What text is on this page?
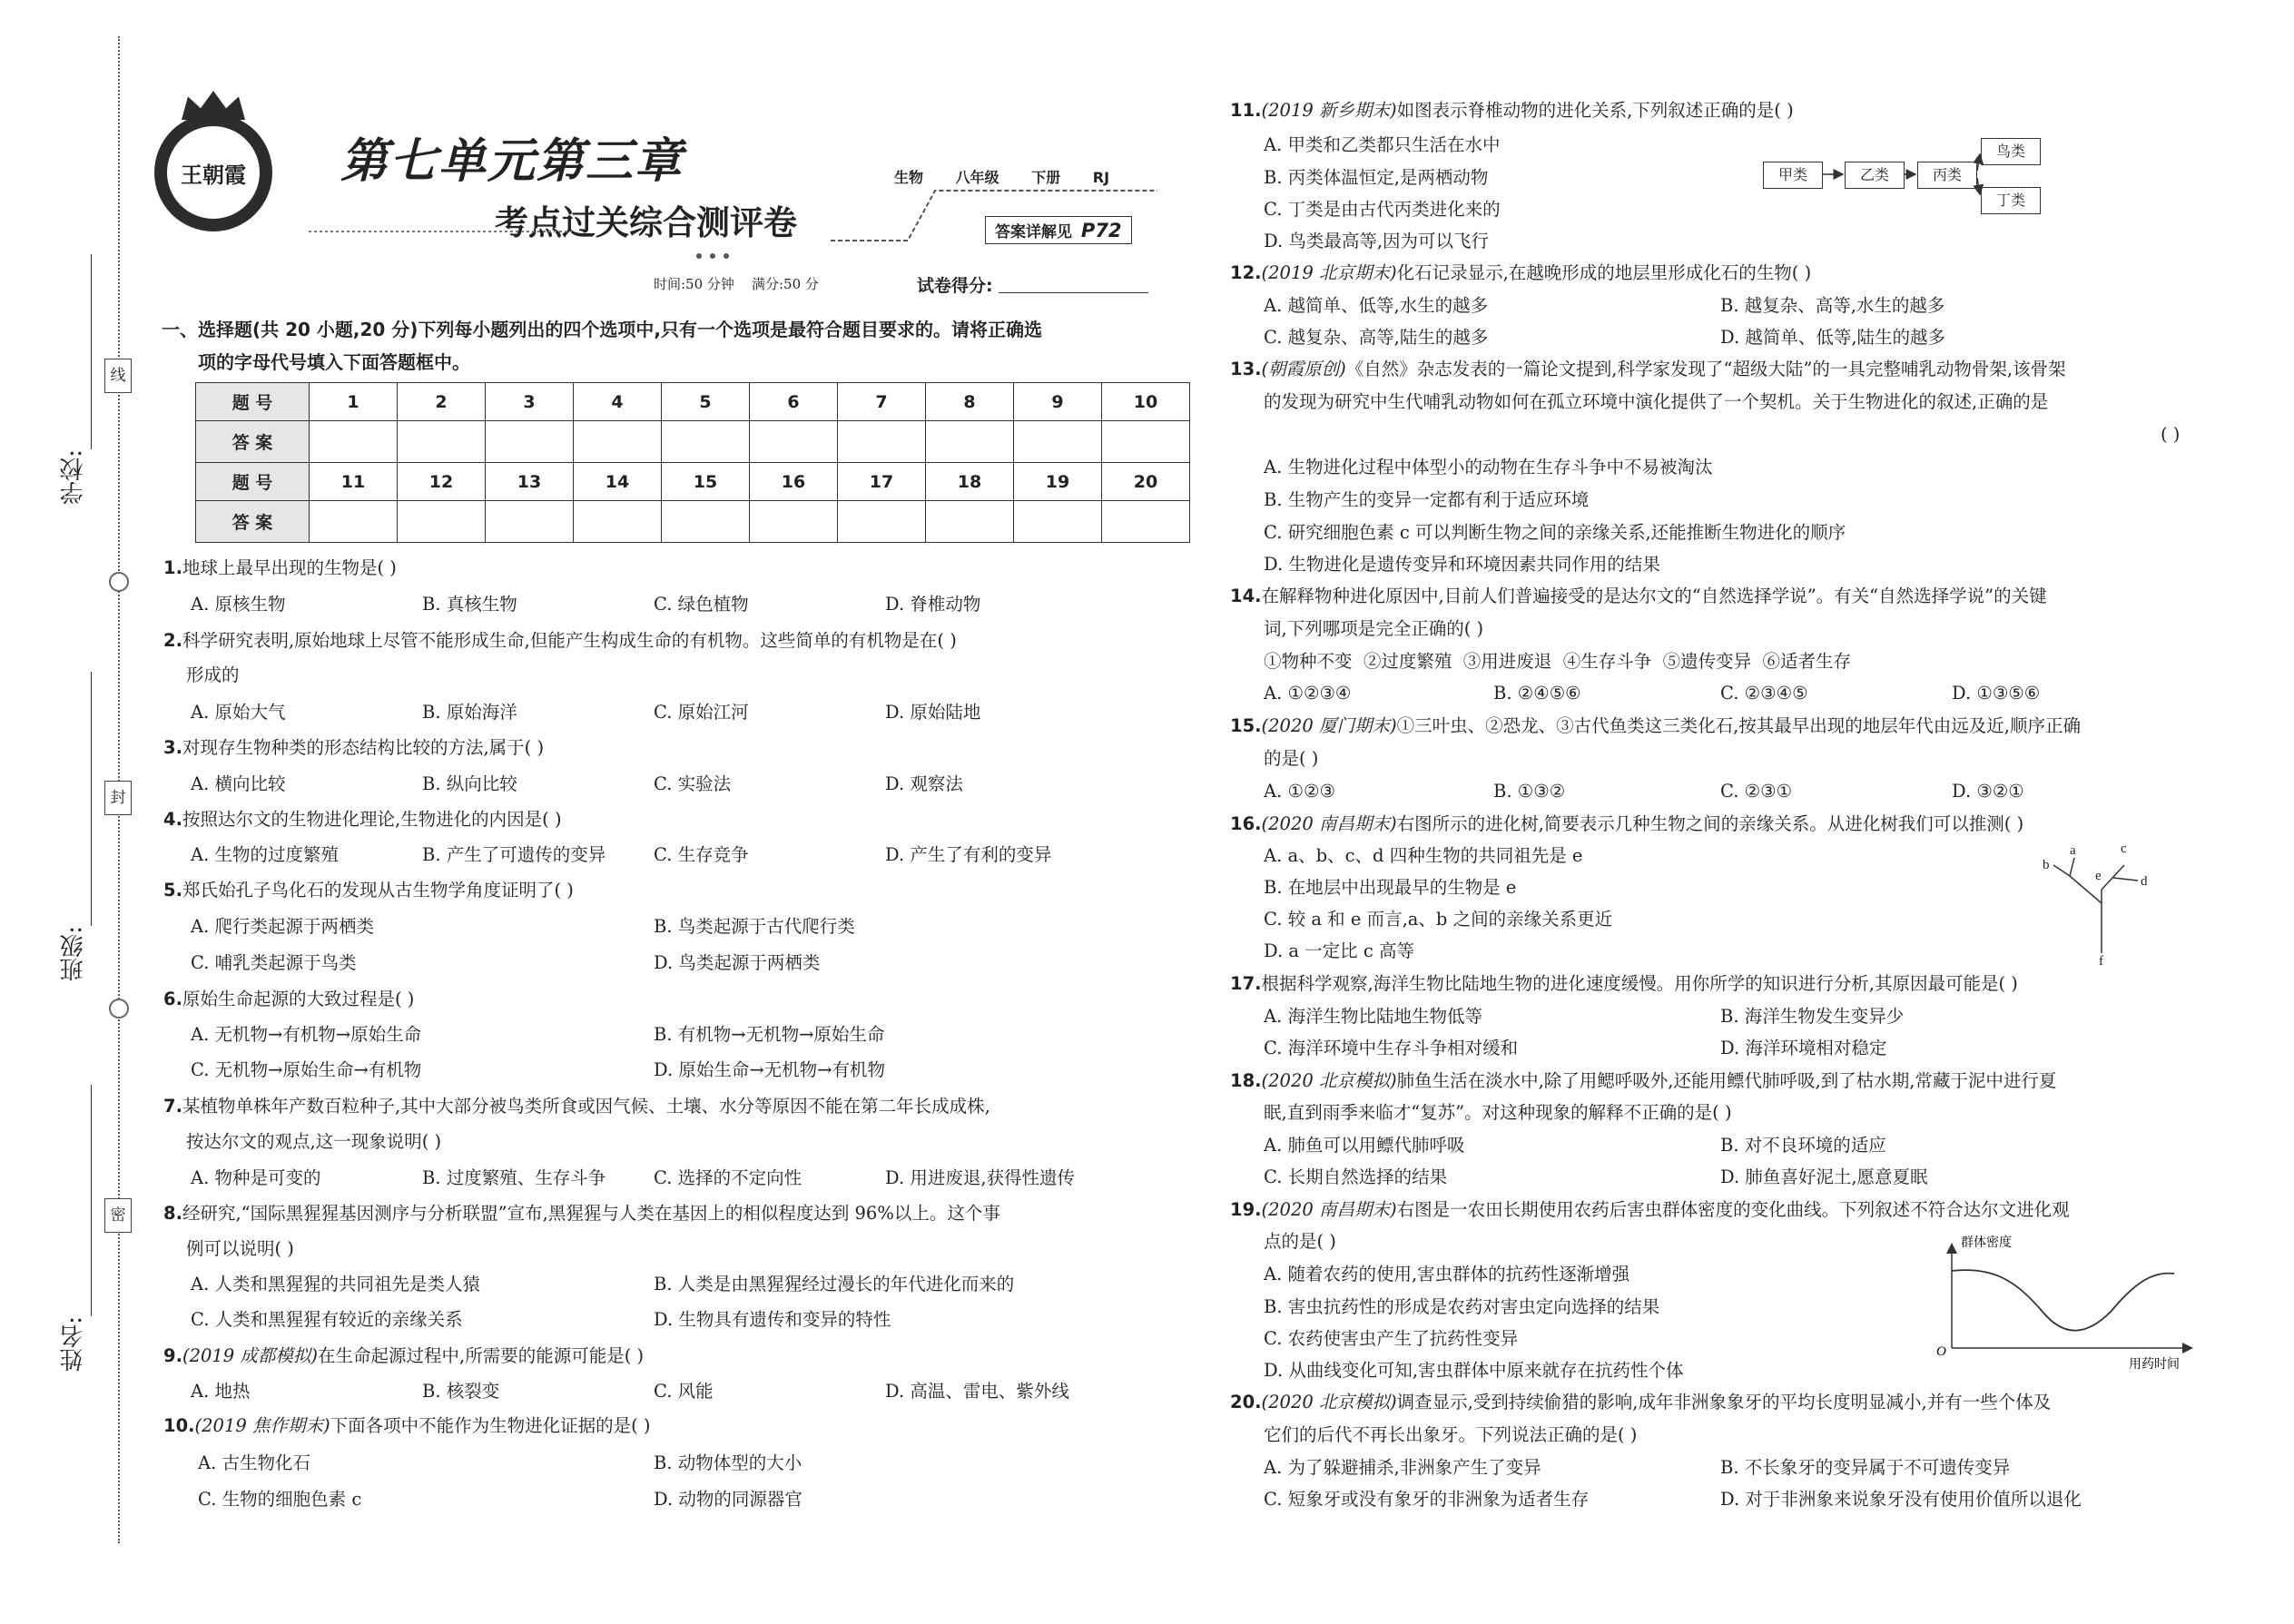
学校:
班级:
姓名:
线
封
密
王朝霞	第七单元第三章
考点过关综合测评卷
生物 八年级 下册 RJ
答案详解见 P72
时间:50 分钟    满分:50 分	试卷得分:
一、选择题(共 20 小题,20 分)下列每小题列出的四个选项中,只有一个选项是最符合题目要求的。请将正确选
项的字母代号填入下面答题框中。
题 号	1	2	3	4	5	6	7	8	9	10
答 案										
题 号	11	12	13	14	15	16	17	18	19	20
答 案										
1.地球上最早出现的生物是( )
A. 原核生物	B. 真核生物	C. 绿色植物	D. 脊椎动物
2.科学研究表明,原始地球上尽管不能形成生命,但能产生构成生命的有机物。这些简单的有机物是在( )
形成的
A. 原始大气	B. 原始海洋	C. 原始江河	D. 原始陆地
3.对现存生物种类的形态结构比较的方法,属于( )
A. 横向比较	B. 纵向比较	C. 实验法	D. 观察法
4.按照达尔文的生物进化理论,生物进化的内因是( )
A. 生物的过度繁殖	B. 产生了可遗传的变异	C. 生存竞争	D. 产生了有利的变异
5.郑氏始孔子鸟化石的发现从古生物学角度证明了( )
A. 爬行类起源于两栖类	B. 鸟类起源于古代爬行类
C. 哺乳类起源于鸟类	D. 鸟类起源于两栖类
6.原始生命起源的大致过程是( )
A. 无机物→有机物→原始生命	B. 有机物→无机物→原始生命
C. 无机物→原始生命→有机物	D. 原始生命→无机物→有机物
7.某植物单株年产数百粒种子,其中大部分被鸟类所食或因气候、土壤、水分等原因不能在第二年长成成株,
按达尔文的观点,这一现象说明( )
A. 物种是可变的	B. 过度繁殖、生存斗争	C. 选择的不定向性	D. 用进废退,获得性遗传
8.经研究,“国际黑猩猩基因测序与分析联盟”宣布,黑猩猩与人类在基因上的相似程度达到 96%以上。这个事
例可以说明( )
A. 人类和黑猩猩的共同祖先是类人猿	B. 人类是由黑猩猩经过漫长的年代进化而来的
C. 人类和黑猩猩有较近的亲缘关系	D. 生物具有遗传和变异的特性
9.(2019 成都模拟)在生命起源过程中,所需要的能源可能是( )
A. 地热	B. 核裂变	C. 风能	D. 高温、雷电、紫外线
10.(2019 焦作期末)下面各项中不能作为生物进化证据的是( )
A. 古生物化石	B. 动物体型的大小
C. 生物的细胞色素 c	D. 动物的同源器官
11.(2019 新乡期末)如图表示脊椎动物的进化关系,下列叙述正确的是( )
A. 甲类和乙类都只生活在水中
B. 丙类体温恒定,是两栖动物
C. 丁类是由古代丙类进化来的
D. 鸟类最高等,因为可以飞行
甲类	乙类	丙类
鸟类
丁类
12.(2019 北京期末)化石记录显示,在越晚形成的地层里形成化石的生物( )
A. 越简单、低等,水生的越多	B. 越复杂、高等,水生的越多
C. 越复杂、高等,陆生的越多	D. 越简单、低等,陆生的越多
13.(朝霞原创)《自然》杂志发表的一篇论文提到,科学家发现了“超级大陆”的一具完整哺乳动物骨架,该骨架
的发现为研究中生代哺乳动物如何在孤立环境中演化提供了一个契机。关于生物进化的叙述,正确的是
( )
A. 生物进化过程中体型小的动物在生存斗争中不易被淘汰
B. 生物产生的变异一定都有利于适应环境
C. 研究细胞色素 c 可以判断生物之间的亲缘关系,还能推断生物进化的顺序
D. 生物进化是遗传变异和环境因素共同作用的结果
14.在解释物种进化原因中,目前人们普遍接受的是达尔文的“自然选择学说”。有关“自然选择学说”的关键
词,下列哪项是完全正确的( )
①物种不变  ②过度繁殖  ③用进废退  ④生存斗争  ⑤遗传变异  ⑥适者生存
A. ①②③④	B. ②④⑤⑥	C. ②③④⑤	D. ①③⑤⑥
15.(2020 厦门期末)①三叶虫、②恐龙、③古代鱼类这三类化石,按其最早出现的地层年代由远及近,顺序正确
的是( )
A. ①②③	B. ①③②	C. ②③①	D. ③②①
16.(2020 南昌期末)右图所示的进化树,简要表示几种生物之间的亲缘关系。从进化树我们可以推测( )
A. a、b、c、d 四种生物的共同祖先是 e
B. 在地层中出现最早的生物是 e
C. 较 a 和 e 而言,a、b 之间的亲缘关系更近
D. a 一定比 c 高等
b
a	c
e	d
f
17.根据科学观察,海洋生物比陆地生物的进化速度缓慢。用你所学的知识进行分析,其原因最可能是( )
A. 海洋生物比陆地生物低等	B. 海洋生物发生变异少
C. 海洋环境中生存斗争相对缓和	D. 海洋环境相对稳定
18.(2020 北京模拟)肺鱼生活在淡水中,除了用鳃呼吸外,还能用鳔代肺呼吸,到了枯水期,常藏于泥中进行夏
眠,直到雨季来临才“复苏”。对这种现象的解释不正确的是( )
A. 肺鱼可以用鳔代肺呼吸	B. 对不良环境的适应
C. 长期自然选择的结果	D. 肺鱼喜好泥土,愿意夏眠
19.(2020 南昌期末)右图是一农田长期使用农药后害虫群体密度的变化曲线。下列叙述不符合达尔文进化观
点的是( )
A. 随着农药的使用,害虫群体的抗药性逐渐增强
B. 害虫抗药性的形成是农药对害虫定向选择的结果
C. 农药使害虫产生了抗药性变异
D. 从曲线变化可知,害虫群体中原来就存在抗药性个体
群体密度
用药时间
O
20.(2020 北京模拟)调查显示,受到持续偷猎的影响,成年非洲象象牙的平均长度明显减小,并有一些个体及
它们的后代不再长出象牙。下列说法正确的是( )
A. 为了躲避捕杀,非洲象产生了变异	B. 不长象牙的变异属于不可遗传变异
C. 短象牙或没有象牙的非洲象为适者生存	D. 对于非洲象来说象牙没有使用价值所以退化
